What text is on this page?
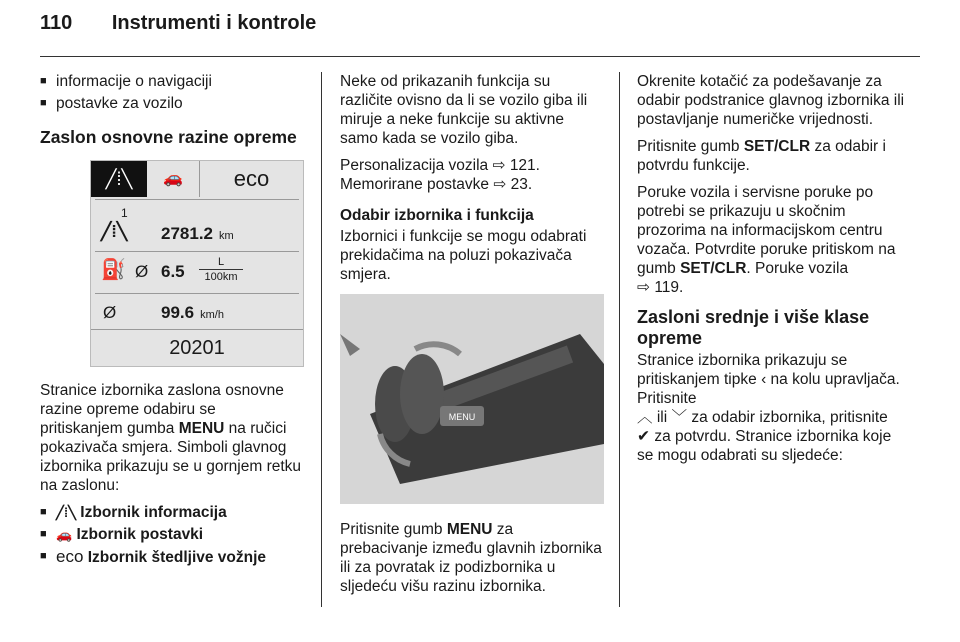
110 Instrumenti i kontrole
■ informacije o navigaciji
■ postavke za vozilo
Zaslon osnovne razine opreme
╱⁞╲	🚗	eco
1
╱⁞╲ 2781.2 km
⛽ Ø 6.5	L
100km
Ø	99.6 km/h
20201

Stranice izbornika zaslona osnovne razine opreme odabiru se pritiskanjem gumba MENU na ručici pokazivača smjera. Simboli glavnog izbornika prikazuju se u gornjem retku na zaslonu:

■ ╱⁞╲ Izbornik informacija
■ 🚗 Izbornik postavki
■ eco Izbornik štedljive vožnje

Neke od prikazanih funkcija su različite ovisno da li se vozilo giba ili miruje a neke funkcije su aktivne samo kada se vozilo giba.

Personalizacija vozila ⇨ 121.
Memorirane postavke ⇨ 23.

Odabir izbornika i funkcija

Izbornici i funkcije se mogu odabrati prekidačima na poluzi pokazivača smjera.

MENU

Pritisnite gumb MENU za prebacivanje između glavnih izbornika ili za povratak iz podizbornika u sljedeću višu razinu izbornika.

Okrenite kotačić za podešavanje za odabir podstranice glavnog izbornika ili postavljanje numeričke vrijednosti.

Pritisnite gumb SET/CLR za odabir i potvrdu funkcije.

Poruke vozila i servisne poruke po potrebi se prikazuju u skočnim prozorima na informacijskom centru vozača. Potvrdite poruke pritiskom na gumb SET/CLR. Poruke vozila
⇨ 119.

Zasloni srednje i više klase opreme

Stranice izbornika prikazuju se pritiskanjem tipke ‹ na kolu upravljača. Pritisnite
︿ ili ﹀ za odabir izbornika, pritisnite
✔ za potvrdu. Stranice izbornika koje se mogu odabrati su sljedeće:
